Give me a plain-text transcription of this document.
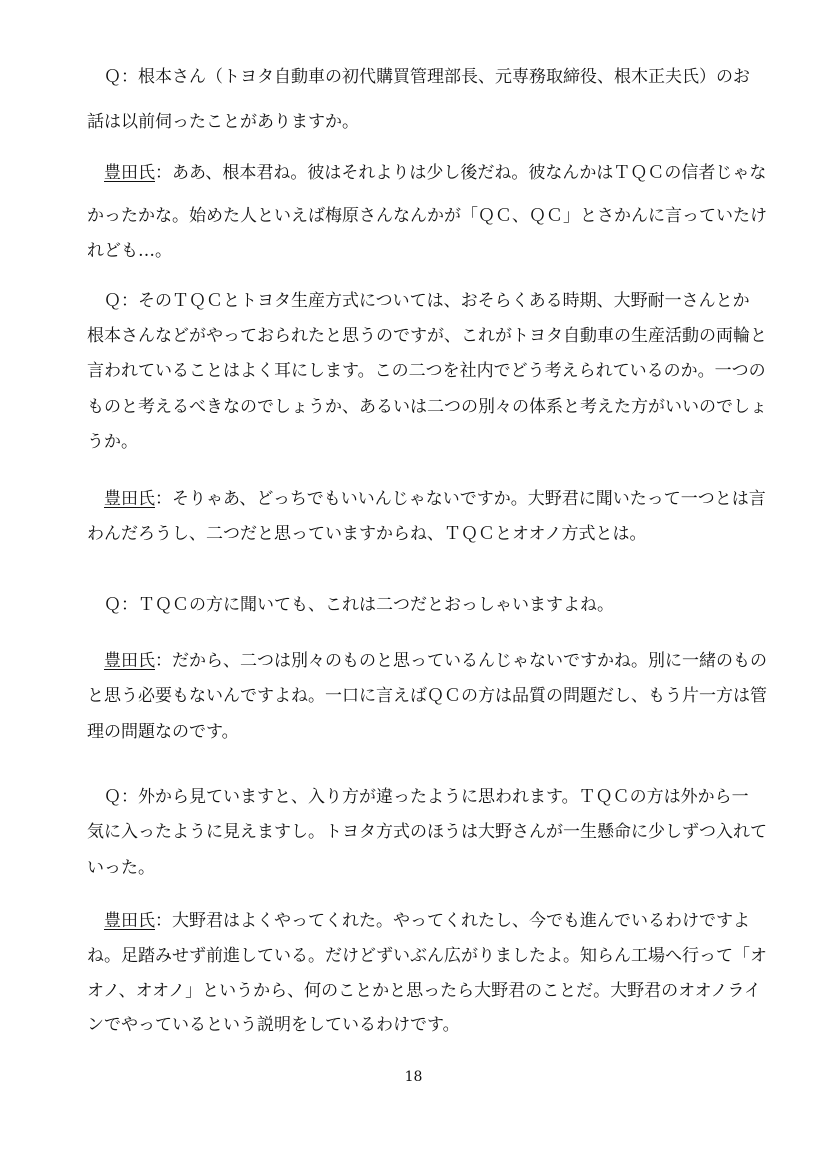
　Ｑ：根本さん（トヨタ自動車の初代購買管理部長、元専務取締役、根木正夫氏）のお
話は以前伺ったことがありますか。
　豊田氏：ああ、根本君ね。彼はそれよりは少し後だね。彼なんかはＴＱＣの信者じゃな
かったかな。始めた人といえば梅原さんなんかが「ＱＣ、ＱＣ」とさかんに言っていたけ
れども…。
　Ｑ：そのＴＱＣとトヨタ生産方式については、おそらくある時期、大野耐一さんとか
根本さんなどがやっておられたと思うのですが、これがトヨタ自動車の生産活動の両輪と
言われていることはよく耳にします。この二つを社内でどう考えられているのか。一つの
ものと考えるべきなのでしょうか、あるいは二つの別々の体系と考えた方がいいのでしょ
うか。
　豊田氏：そりゃあ、どっちでもいいんじゃないですか。大野君に聞いたって一つとは言
わんだろうし、二つだと思っていますからね、ＴＱＣとオオノ方式とは。
　Ｑ：ＴＱＣの方に聞いても、これは二つだとおっしゃいますよね。
　豊田氏：だから、二つは別々のものと思っているんじゃないですかね。別に一緒のもの
と思う必要もないんですよね。一口に言えばＱＣの方は品質の問題だし、もう片一方は管
理の問題なのです。
　Ｑ：外から見ていますと、入り方が違ったように思われます。ＴＱＣの方は外から一
気に入ったように見えますし。トヨタ方式のほうは大野さんが一生懸命に少しずつ入れて
いった。
　豊田氏：大野君はよくやってくれた。やってくれたし、今でも進んでいるわけですよ
ね。足踏みせず前進している。だけどずいぶん広がりましたよ。知らん工場へ行って「オ
オノ、オオノ」というから、何のことかと思ったら大野君のことだ。大野君のオオノライ
ンでやっているという説明をしているわけです。
18
